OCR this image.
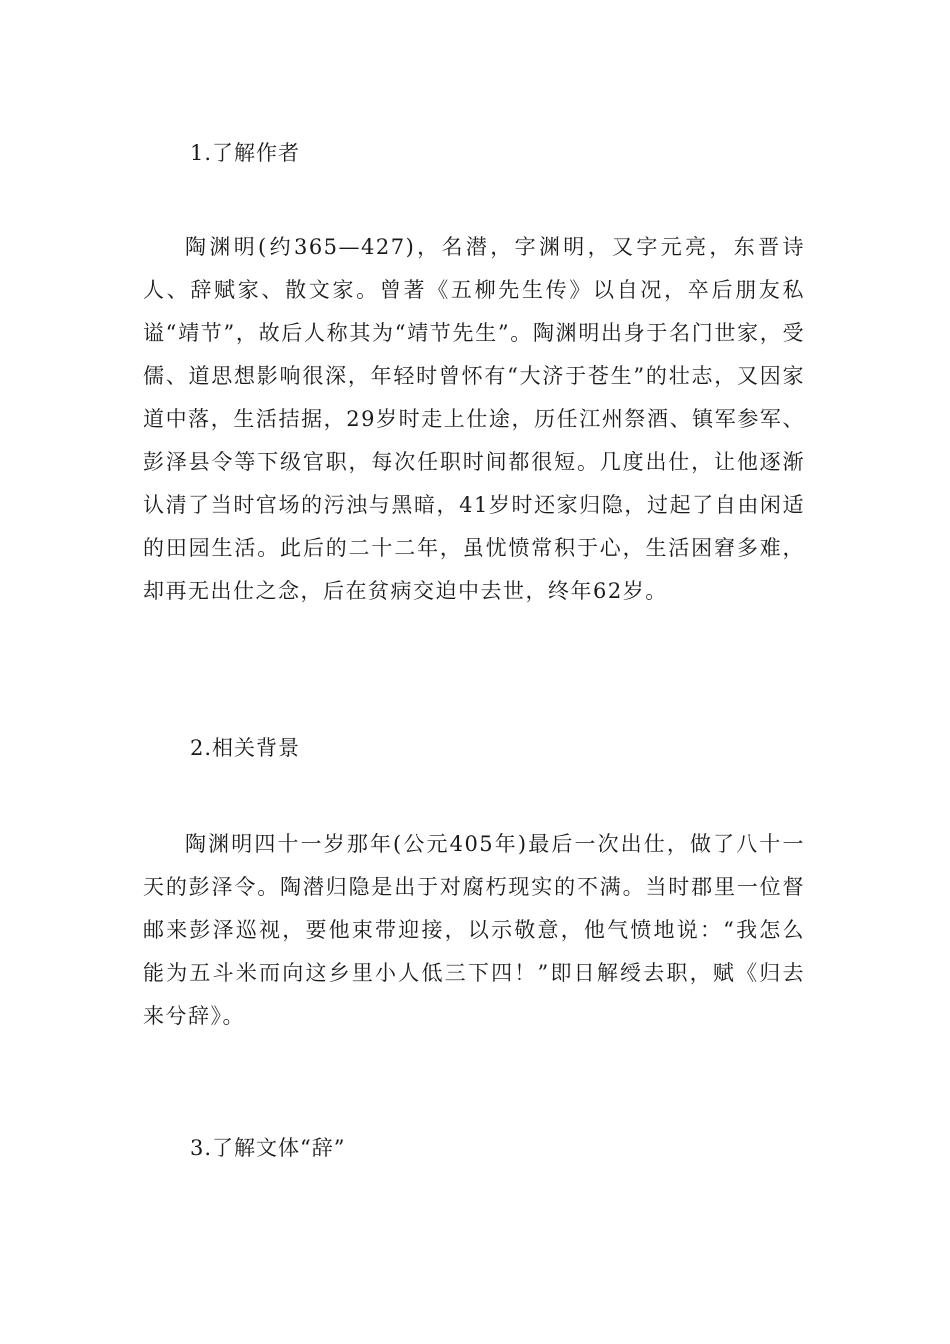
1.了解作者

陶渊明(约365—427)，名潜，字渊明，又字元亮，东晋诗人、辞赋家、散文家。曾著《五柳先生传》以自况，卒后朋友私谥“靖节”，故后人称其为“靖节先生”。陶渊明出身于名门世家，受儒、道思想影响很深，年轻时曾怀有“大济于苍生”的壮志，又因家道中落，生活拮据，29岁时走上仕途，历任江州祭酒、镇军参军、彭泽县令等下级官职，每次任职时间都很短。几度出仕，让他逐渐认清了当时官场的污浊与黑暗，41岁时还家归隐，过起了自由闲适的田园生活。此后的二十二年，虽忧愤常积于心，生活困窘多难，却再无出仕之念，后在贫病交迫中去世，终年62岁。

2.相关背景

陶渊明四十一岁那年(公元405年)最后一次出仕，做了八十一天的彭泽令。陶潜归隐是出于对腐朽现实的不满。当时郡里一位督邮来彭泽巡视，要他束带迎接，以示敬意，他气愤地说：“我怎么能为五斗米而向这乡里小人低三下四！”即日解绶去职，赋《归去来兮辞》。

3.了解文体“辞”
